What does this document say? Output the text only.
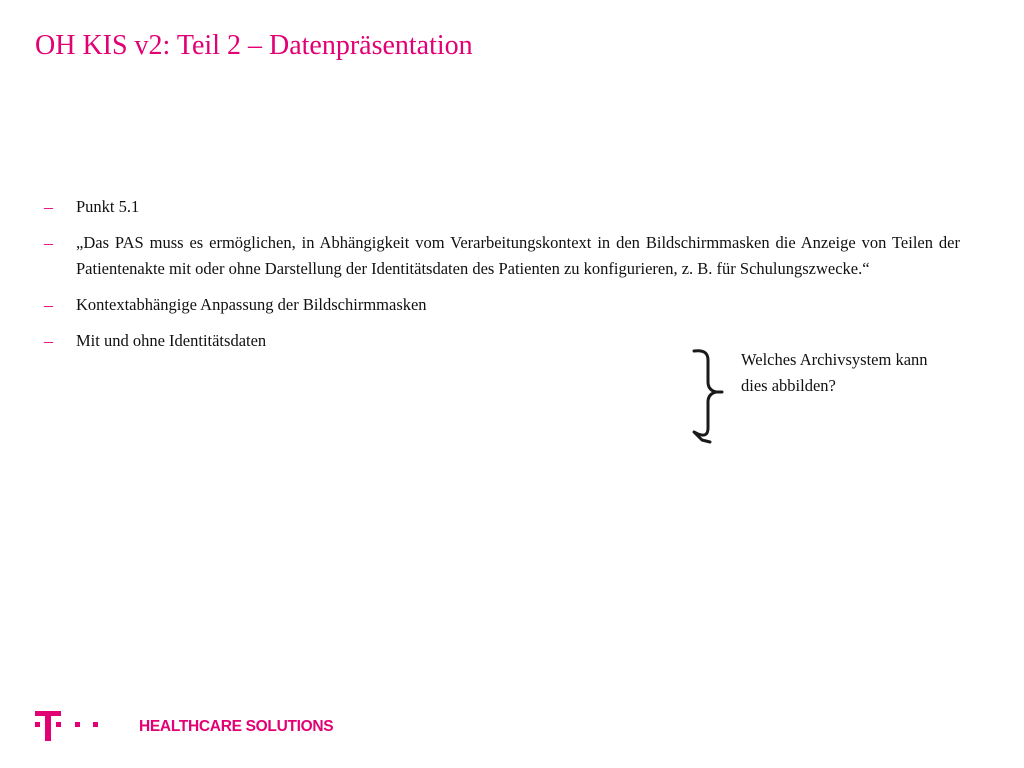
OH KIS v2: Teil 2 – Datenpräsentation
– Punkt 5.1
– „Das PAS muss es ermöglichen, in Abhängigkeit vom Verarbeitungskontext in den Bildschirmmasken die Anzeige von Teilen der Patientenakte mit oder ohne Darstellung der Identitätsdaten des Patienten zu konfigurieren, z. B. für Schulungszwecke.“
– Kontextabhängige Anpassung der Bildschirmmasken
– Mit und ohne Identitätsdaten
Welches Archivsystem kann dies abbilden?
HEALTHCARE SOLUTIONS
